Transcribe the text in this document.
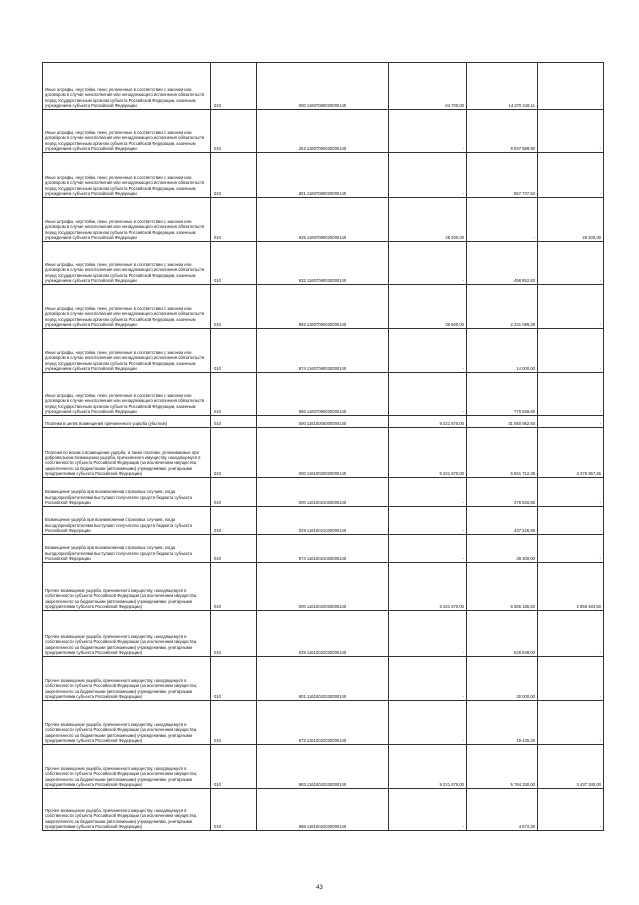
Иные штрафы, неустойки, пени, уплаченные в соответствии с законом или договором в случае неисполнения или ненадлежащего исполнения обязательств перед государственным органом субъекта Российской Федерации, казенным учреждением субъекта Российской Федерации	010	000 11607090020000140	64 700,00	14 270 218,11	-
Иные штрафы, неустойки, пени, уплаченные в соответствии с законом или договором в случае неисполнения или ненадлежащего исполнения обязательств перед государственным органом субъекта Российской Федерации, казенным учреждением субъекта Российской Федерации	010	252 11607090020000140	-	9 937 599,90	-
Иные штрафы, неустойки, пени, уплаченные в соответствии с законом или договором в случае неисполнения или ненадлежащего исполнения обязательств перед государственным органом субъекта Российской Федерации, казенным учреждением субъекта Российской Федерации	010	801 11607090020000140	-	857 737,53	-
Иные штрафы, неустойки, пени, уплаченные в соответствии с законом или договором в случае неисполнения или ненадлежащего исполнения обязательств перед государственным органом субъекта Российской Федерации, казенным учреждением субъекта Российской Федерации	010	925 11607090020000140	28 200,00	-	28 200,00
Иные штрафы, неустойки, пени, уплаченные в соответствии с законом или договором в случае неисполнения или ненадлежащего исполнения обязательств перед государственным органом субъекта Российской Федерации, казенным учреждением субъекта Российской Федерации	010	932 11607090020000140	-	458 852,82	-
Иные штрафы, неустойки, пени, уплаченные в соответствии с законом или договором в случае неисполнения или ненадлежащего исполнения обязательств перед государственным органом субъекта Российской Федерации, казенным учреждением субъекта Российской Федерации	010	982 11607090020000140	36 500,00	2 231 099,28	-
Иные штрафы, неустойки, пени, уплаченные в соответствии с законом или договором в случае неисполнения или ненадлежащего исполнения обязательств перед государственным органом субъекта Российской Федерации, казенным учреждением субъекта Российской Федерации	010	974 11607090020000140	-	14 000,00	-
Иные штрафы, неустойки, пени, уплаченные в соответствии с законом или договором в случае неисполнения или ненадлежащего исполнения обязательств перед государственным органом субъекта Российской Федерации, казенным учреждением субъекта Российской Федерации	010	986 11607090020000140	-	770 928,60	-
Платежи в целях возмещения причиненного ущерба (убытков)	010	000 11610000000000140	9 221 670,00	31 050 952,93	-
Платежи по искам о возмещении ущерба, а также платежи, уплачиваемые при добровольном возмещении ущерба, причиненного имуществу, находящемуся в собственности субъекта Российской Федерации (за исключением имущества, закрепленного за бюджетными (автономными) учреждениями, унитарными предприятиями субъекта Российской Федерации)	010	000 11610020020000140	9 221 670,00	6 841 712,35	2 379 957,65
Возмещение ущерба при возникновении страховых случаев, когда выгодоприобретателями выступают получатели средств бюджета субъекта Российской Федерации	010	000 11610021020000140	-	476 526,85	-
Возмещение ущерба при возникновении страховых случаев, когда выгодоприобретателями выступают получатели средств бюджета субъекта Российской Федерации	010	029 11610021020000140	-	437 226,85	-
Возмещение ущерба при возникновении страховых случаев, когда выгодоприобретателями выступают получатели средств бюджета субъекта Российской Федерации	010	974 11610021020000140	-	39 300,00	-
Прочее возмещение ущерба, причиненного имуществу, находящемуся в собственности субъекта Российской Федерации (за исключением имущества, закрепленного за бюджетными (автономными) учреждениями, унитарными предприятиями субъекта Российской Федерации)	010	000 11610022020000140	9 221 670,00	6 365 185,50	2 856 484,50
Прочее возмещение ущерба, причиненного имуществу, находящемуся в собственности субъекта Российской Федерации (за исключением имущества, закрепленного за бюджетными (автономными) учреждениями, унитарными предприятиями субъекта Российской Федерации)	010	029 11610022020000140	-	526 848,00	-
Прочее возмещение ущерба, причиненного имуществу, находящемуся в собственности субъекта Российской Федерации (за исключением имущества, закрепленного за бюджетными (автономными) учреждениями, унитарными предприятиями субъекта Российской Федерации)	010	801 11610022020000140	-	30 000,00	-
Прочее возмещение ущерба, причиненного имуществу, находящемуся в собственности субъекта Российской Федерации (за исключением имущества, закрепленного за бюджетными (автономными) учреждениями, унитарными предприятиями субъекта Российской Федерации)	010	972 11610022020000140	-	19 435,20	-
Прочее возмещение ущерба, причиненного имуществу, находящемуся в собственности субъекта Российской Федерации (за исключением имущества, закрепленного за бюджетными (автономными) учреждениями, унитарными предприятиями субъекта Российской Федерации)	010	983 11610022020000140	9 221 670,00	5 784 330,00	3 437 340,00
Прочее возмещение ущерба, причиненного имуществу, находящемуся в собственности субъекта Российской Федерации (за исключением имущества, закрепленного за бюджетными (автономными) учреждениями, унитарными предприятиями субъекта Российской Федерации)	010	986 11610022020000140	-	4 572,30	-
43
